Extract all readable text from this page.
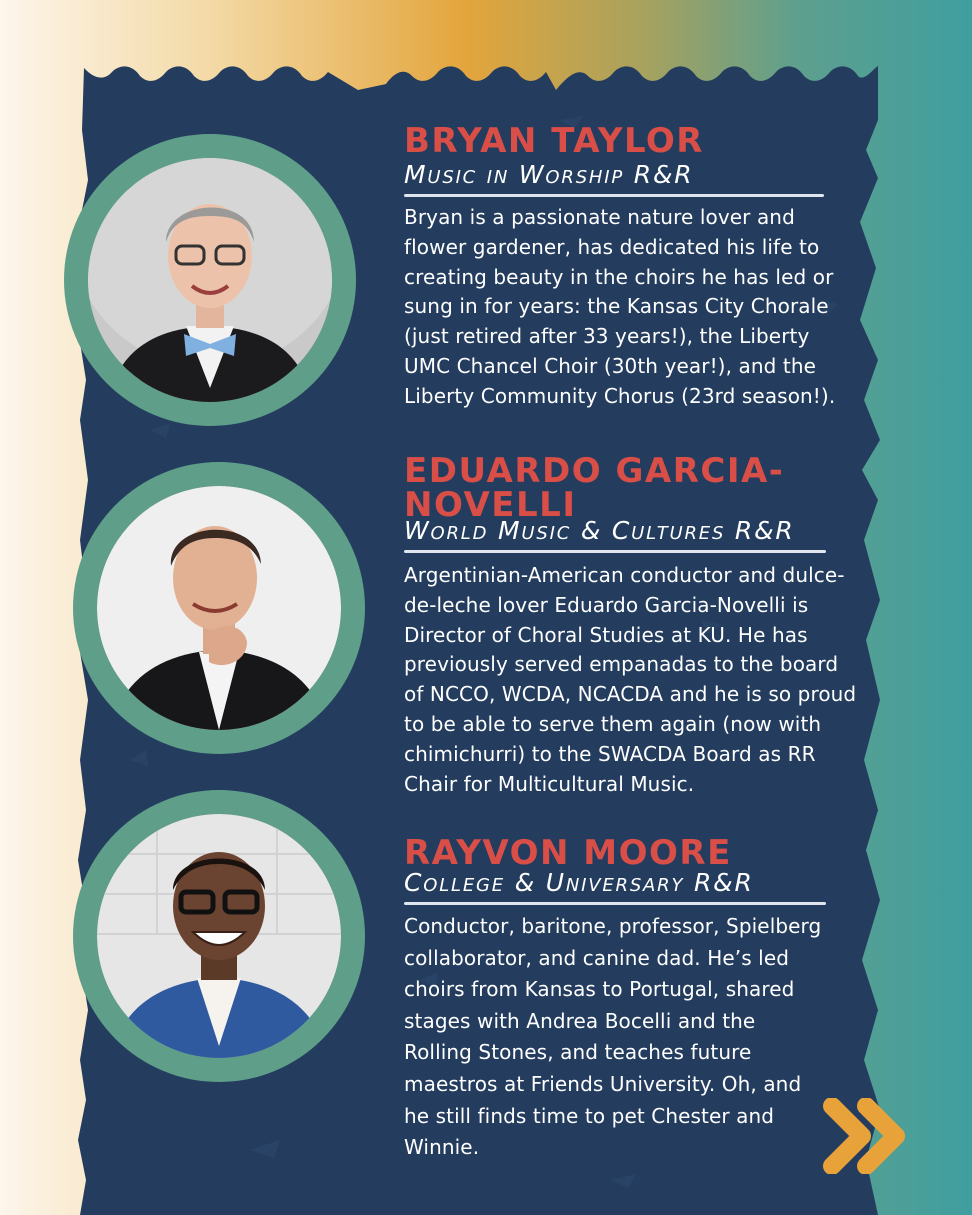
BRYAN TAYLOR
Music in Worship R&R
Bryan is a passionate nature lover and flower gardener, has dedicated his life to creating beauty in the choirs he has led or sung in for years: the Kansas City Chorale (just retired after 33 years!), the Liberty UMC Chancel Choir (30th year!), and the Liberty Community Chorus (23rd season!).
EDUARDO GARCIA-NOVELLI
World Music & Cultures R&R
Argentinian-American conductor and dulce-de-leche lover Eduardo Garcia-Novelli is Director of Choral Studies at KU. He has previously served empanadas to the board of NCCO, WCDA, NCACDA and he is so proud to be able to serve them again (now with chimichurri) to the SWACDA Board as RR Chair for Multicultural Music.
RAYVON MOORE
College & Universary R&R
Conductor, baritone, professor, Spielberg collaborator, and canine dad. He’s led choirs from Kansas to Portugal, shared stages with Andrea Bocelli and the Rolling Stones, and teaches future maestros at Friends University. Oh, and he still finds time to pet Chester and Winnie.
